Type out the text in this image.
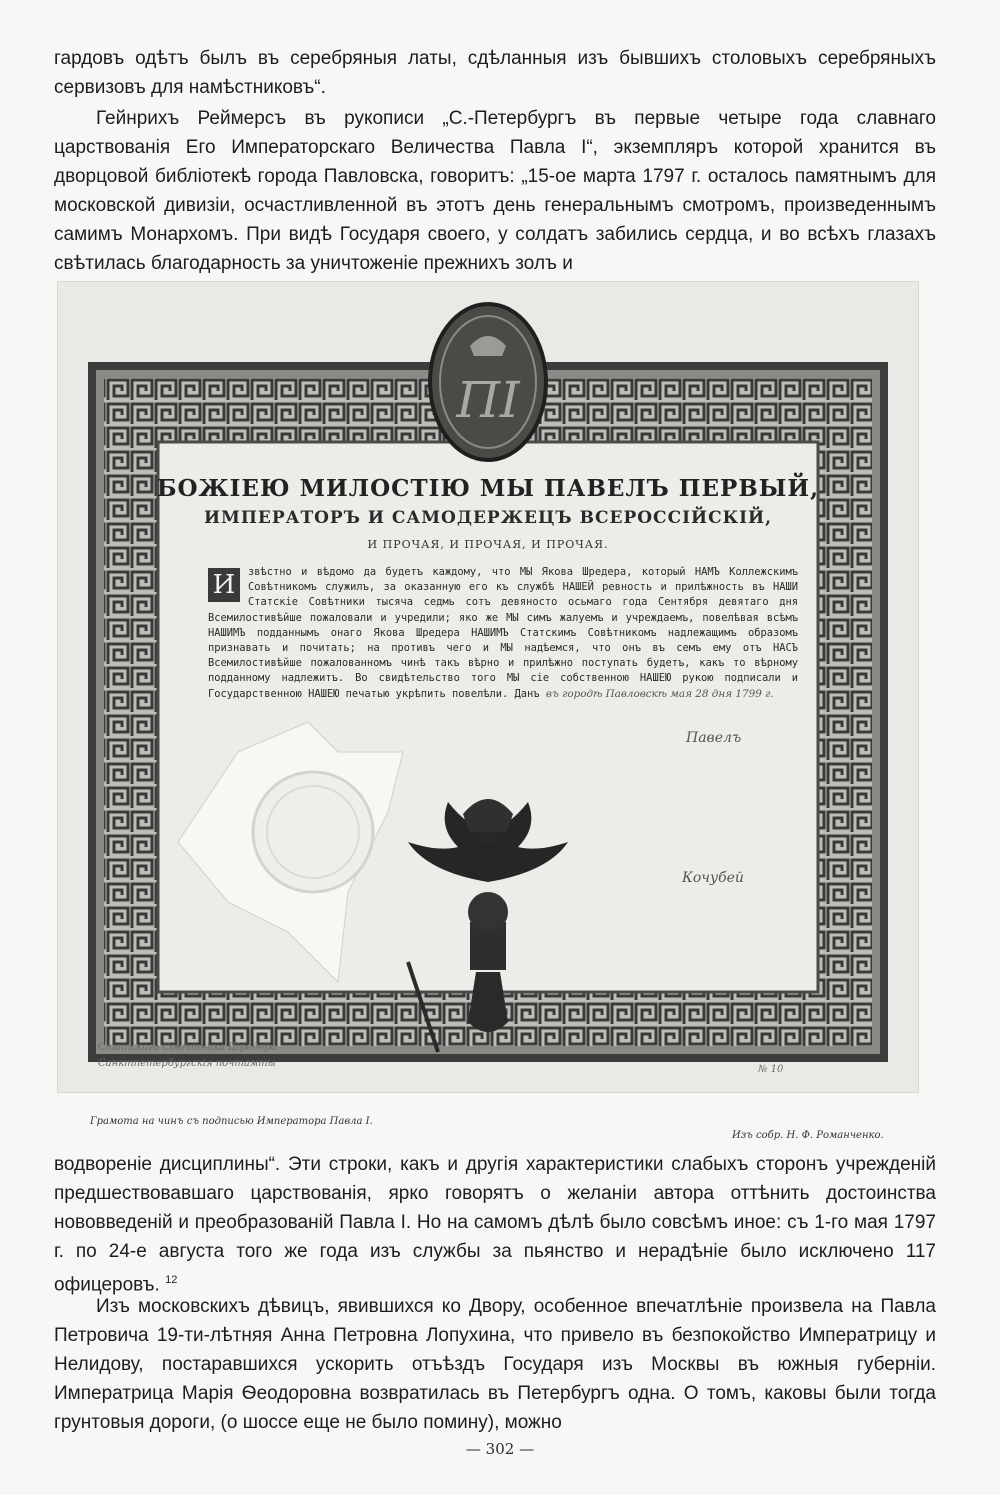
гардовъ одѣтъ былъ въ серебряныя латы, сдѣланныя изъ бывшихъ столовыхъ серебряныхъ сервизовъ для намѣстниковъ“.

Гейнрихъ Реймерсъ въ рукописи „С.-Петербургъ въ первые четыре года славнаго царствованія Его Императорскаго Величества Павла I“, экземпляръ которой хранится въ дворцовой библіотекѣ города Павловска, говоритъ: „15-ое марта 1797 г. осталось памятнымъ для московской дивизіи, осчастливленной въ этотъ день генеральнымъ смотромъ, произведеннымъ самимъ Монархомъ. При видѣ Государя своего, у солдатъ забились сердца, и во всѣхъ глазахъ свѣтилась благодарность за уничтоженіе прежнихъ золъ и

ПI
Статскаго Совѣтника Шредера
Санктпетербургскія почтамты
№ 10
БОЖІЕЮ МИЛОСТІЮ МЫ ПАВЕЛЪ ПЕРВЫЙ,
ИМПЕРАТОРЪ И САМОДЕРЖЕЦЪ ВСЕРОССІЙСКІЙ,
И ПРОЧАЯ, И ПРОЧАЯ, И ПРОЧАЯ.
И	звѣстно и вѣдомо да будетъ каждому, что МЫ Якова Шредера, который НАМЪ Коллежскимъ Совѣтникомъ служилъ, за оказанную его къ службѣ НАШЕЙ ревность и прилѣжность въ НАШИ Статскіе Совѣтники тысяча седмь сотъ девяносто осьмаго года Сентября девятаго дня Всемилостивѣйше пожаловали и учредили; яко же МЫ симъ жалуемъ и учреждаемъ, повелѣвая всѣмъ НАШИМЪ подданнымъ онаго Якова Шредера НАШИМЪ Статскимъ Совѣтникомъ надлежащимъ образомъ признавать и почитать; на противъ чего и МЫ надѣемся, что онъ въ семъ ему отъ НАСЪ Всемилостивѣйше пожалованномъ чинѣ такъ вѣрно и прилѣжно поступать будетъ, какъ то вѣрному подданному надлежитъ. Во свидѣтельство того МЫ сіе собственною НАШЕЮ рукою подписали и Государственною НАШЕЮ печатью укрѣпить повелѣли. Данъ въ городѣ Павловскѣ мая 28 дня 1799 г.
Павелъ
Кочубей
Грамота на чинъ съ подписью Императора Павла I.
Изъ собр. Н. Ф. Романченко.

водвореніе дисциплины“. Эти строки, какъ и другія характеристики слабыхъ сторонъ учрежденій предшествовавшаго царствованія, ярко говорятъ о желаніи автора оттѣнить достоинства нововведеній и преобразованій Павла I. Но на самомъ дѣлѣ было совсѣмъ иное: съ 1-го мая 1797 г. по 24-е августа того же года изъ службы за пьянство и нерадѣніе было исключено 117 офицеровъ. $^{12}$

Изъ московскихъ дѣвицъ, явившихся ко Двору, особенное впечатлѣніе произвела на Павла Петровича 19-ти-лѣтняя Анна Петровна Лопухина, что привело въ безпокойство Императрицу и Нелидову, постаравшихся ускорить отъѣздъ Государя изъ Москвы въ южныя губерніи. Императрица Марія Ѳеодоровна возвратилась въ Петербургъ одна. О томъ, каковы были тогда грунтовыя дороги, (о шоссе еще не было помину), можно

— 302 —
